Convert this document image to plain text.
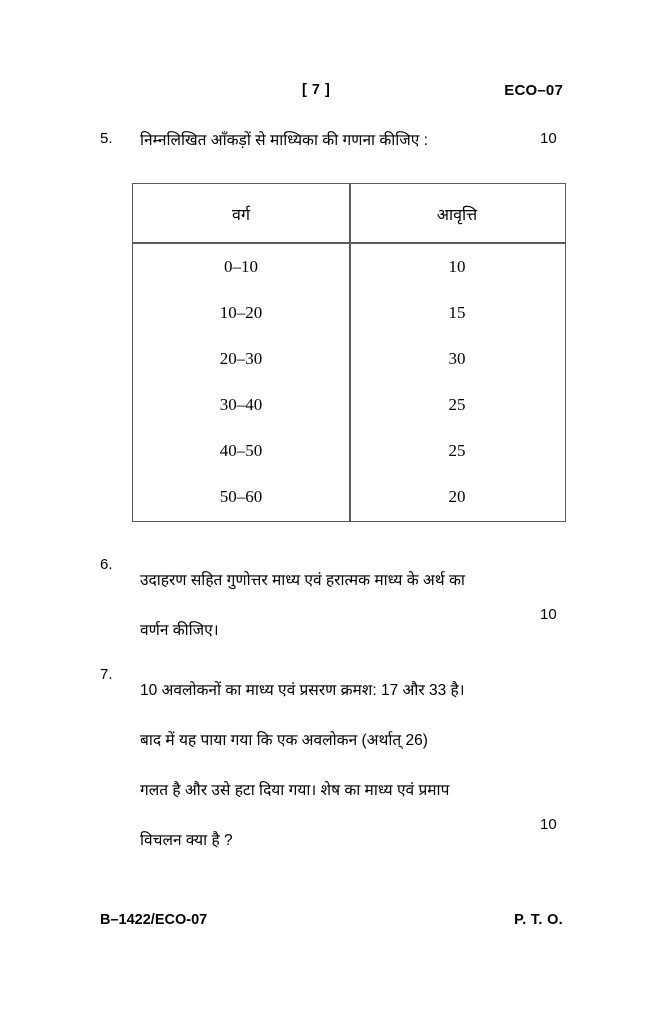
[ 7 ]	ECO–07
5.	निम्नलिखित आँकड़ों से माध्यिका की गणना कीजिए :	10
वर्ग	आवृत्ति
0–10	10
10–20	15
20–30	30
30–40	25
40–50	25
50–60	20
6.
उदाहरण सहित गुणोत्तर माध्य एवं हरात्मक माध्य के अर्थ का
वर्णन कीजिए।
10
7.
10 अवलोकनों का माध्य एवं प्रसरण क्रमश: 17 और 33 है।
बाद में यह पाया गया कि एक अवलोकन (अर्थात् 26)
गलत है और उसे हटा दिया गया। शेष का माध्य एवं प्रमाप
विचलन क्या है ?
10
B–1422/ECO-07	P. T. O.
